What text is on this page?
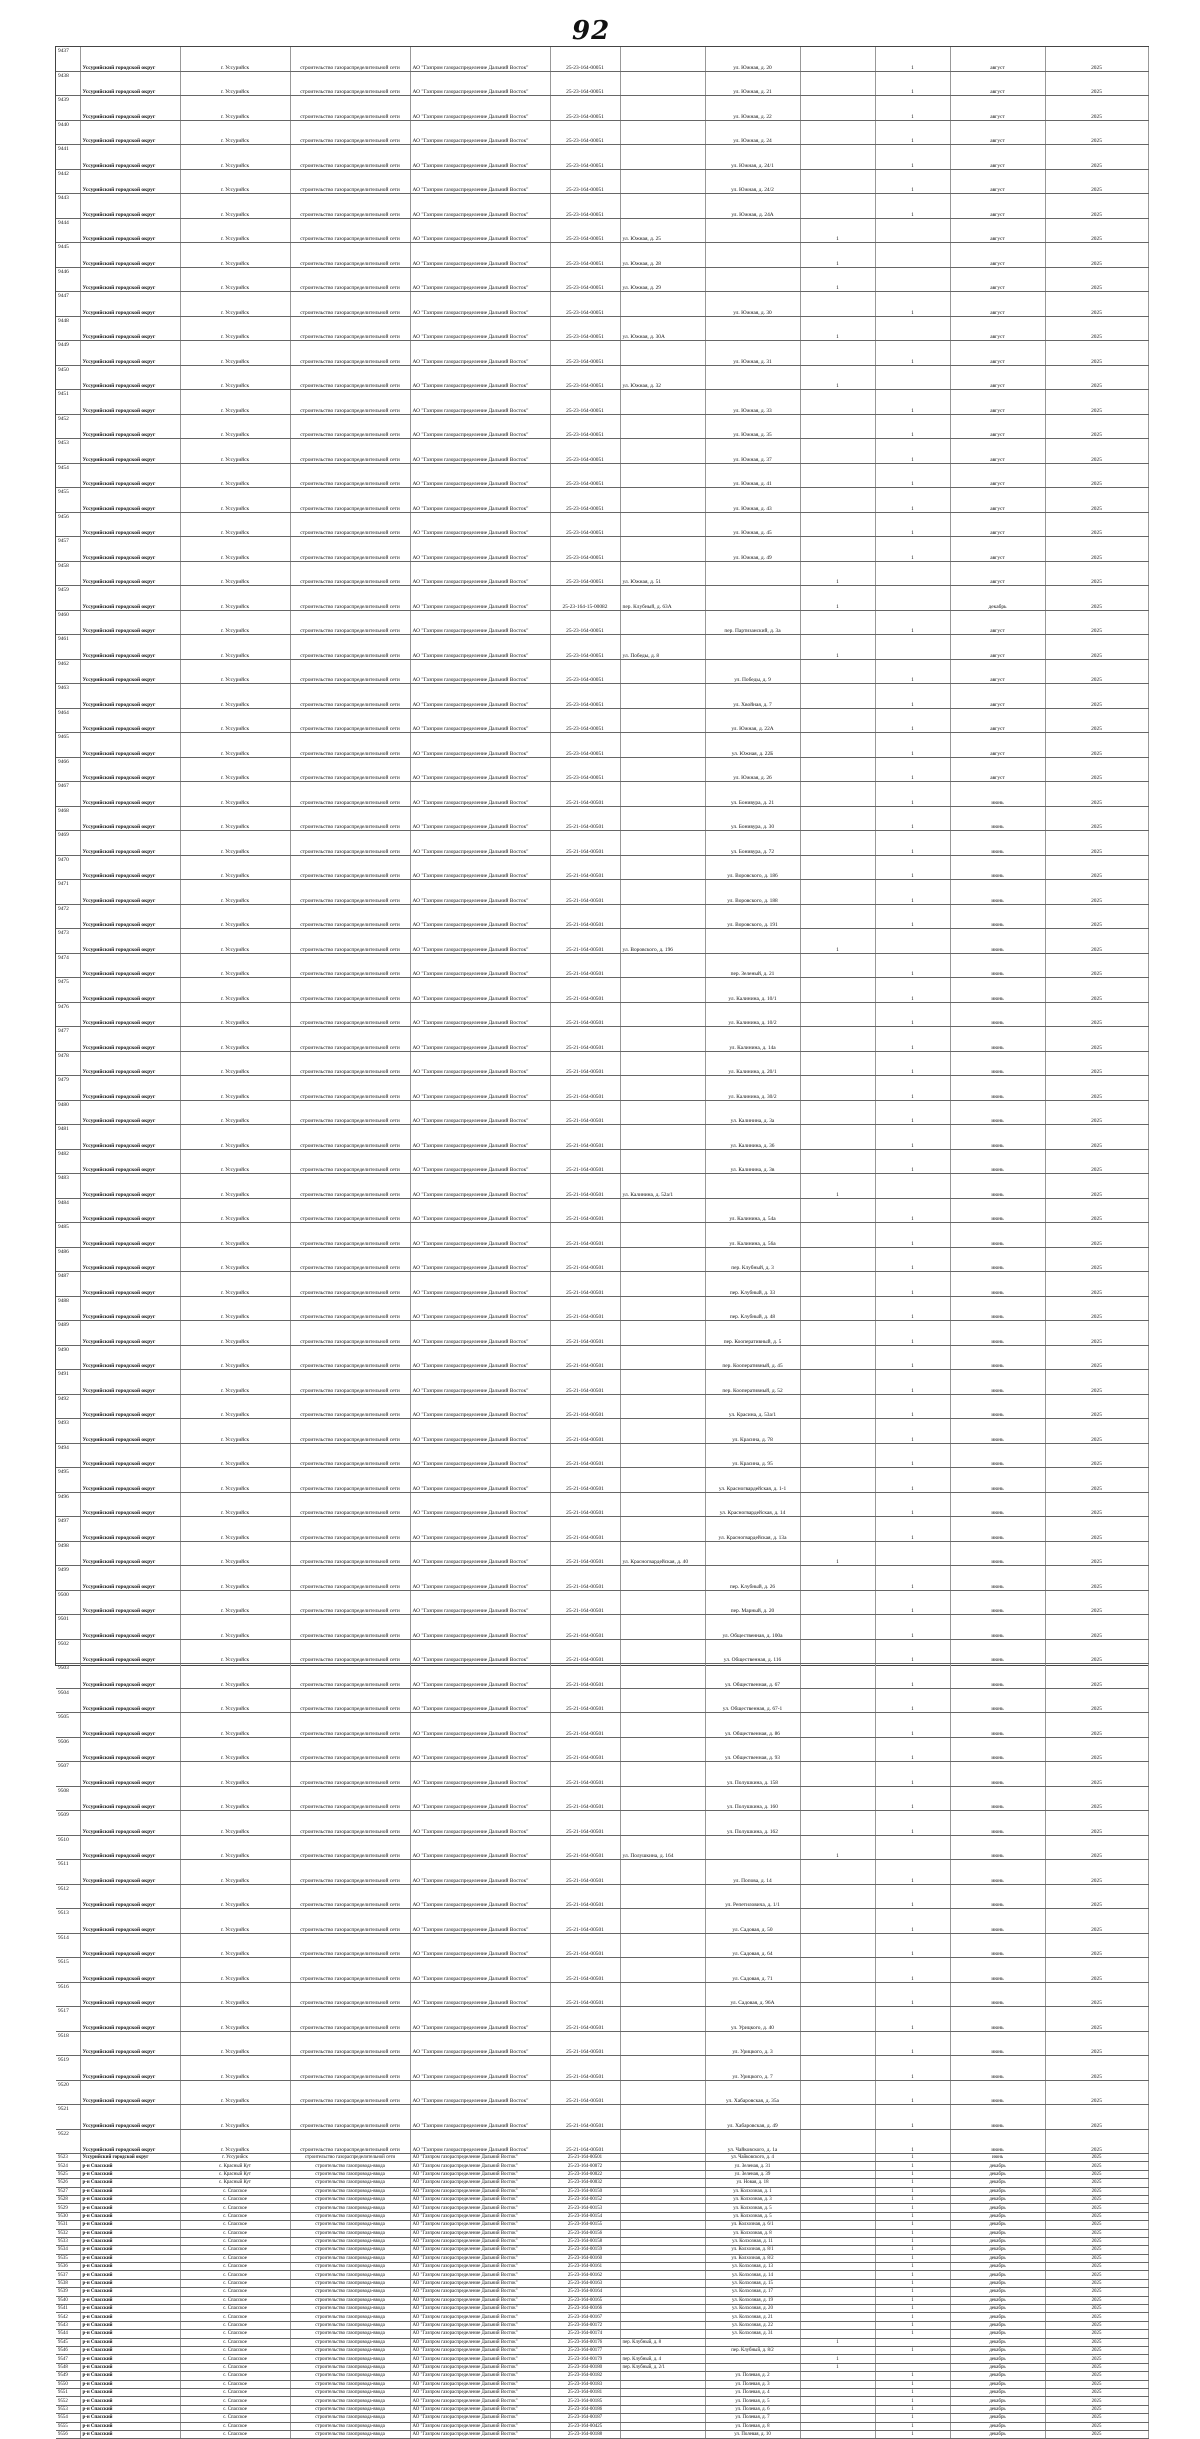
92
9437	Уссурийский городской округ	г. Уссурийск	строительство газораспределительной сети	АО "Газпром газораспределение Дальний Восток"	25-23-164-00051		ул. Южная, д. 20		1	август	2025
9438	Уссурийский городской округ	г. Уссурийск	строительство газораспределительной сети	АО "Газпром газораспределение Дальний Восток"	25-23-164-00051		ул. Южная, д. 21		1	август	2025
9439	Уссурийский городской округ	г. Уссурийск	строительство газораспределительной сети	АО "Газпром газораспределение Дальний Восток"	25-23-164-00051		ул. Южная, д. 22		1	август	2025
9440	Уссурийский городской округ	г. Уссурийск	строительство газораспределительной сети	АО "Газпром газораспределение Дальний Восток"	25-23-164-00051		ул. Южная, д. 24		1	август	2025
9441	Уссурийский городской округ	г. Уссурийск	строительство газораспределительной сети	АО "Газпром газораспределение Дальний Восток"	25-23-164-00051		ул. Южная, д. 24/1		1	август	2025
9442	Уссурийский городской округ	г. Уссурийск	строительство газораспределительной сети	АО "Газпром газораспределение Дальний Восток"	25-23-164-00051		ул. Южная, д. 24/2		1	август	2025
9443	Уссурийский городской округ	г. Уссурийск	строительство газораспределительной сети	АО "Газпром газораспределение Дальний Восток"	25-23-164-00051		ул. Южная, д. 24А		1	август	2025
9444	Уссурийский городской округ	г. Уссурийск	строительство газораспределительной сети	АО "Газпром газораспределение Дальний Восток"	25-23-164-00051	ул. Южная, д. 25		1		август	2025
9445	Уссурийский городской округ	г. Уссурийск	строительство газораспределительной сети	АО "Газпром газораспределение Дальний Восток"	25-23-164-00051	ул. Южная, д. 28		1		август	2025
9446	Уссурийский городской округ	г. Уссурийск	строительство газораспределительной сети	АО "Газпром газораспределение Дальний Восток"	25-23-164-00051	ул. Южная, д. 29		1		август	2025
9447	Уссурийский городской округ	г. Уссурийск	строительство газораспределительной сети	АО "Газпром газораспределение Дальний Восток"	25-23-164-00051		ул. Южная, д. 30		1	август	2025
9448	Уссурийский городской округ	г. Уссурийск	строительство газораспределительной сети	АО "Газпром газораспределение Дальний Восток"	25-23-164-00051	ул. Южная, д. 30А		1		август	2025
9449	Уссурийский городской округ	г. Уссурийск	строительство газораспределительной сети	АО "Газпром газораспределение Дальний Восток"	25-23-164-00051		ул. Южная, д. 31		1	август	2025
9450	Уссурийский городской округ	г. Уссурийск	строительство газораспределительной сети	АО "Газпром газораспределение Дальний Восток"	25-23-164-00051	ул. Южная, д. 32		1		август	2025
9451	Уссурийский городской округ	г. Уссурийск	строительство газораспределительной сети	АО "Газпром газораспределение Дальний Восток"	25-23-164-00051		ул. Южная, д. 33		1	август	2025
9452	Уссурийский городской округ	г. Уссурийск	строительство газораспределительной сети	АО "Газпром газораспределение Дальний Восток"	25-23-164-00051		ул. Южная, д. 35		1	август	2025
9453	Уссурийский городской округ	г. Уссурийск	строительство газораспределительной сети	АО "Газпром газораспределение Дальний Восток"	25-23-164-00051		ул. Южная, д. 37		1	август	2025
9454	Уссурийский городской округ	г. Уссурийск	строительство газораспределительной сети	АО "Газпром газораспределение Дальний Восток"	25-23-164-00051		ул. Южная, д. 41		1	август	2025
9455	Уссурийский городской округ	г. Уссурийск	строительство газораспределительной сети	АО "Газпром газораспределение Дальний Восток"	25-23-164-00051		ул. Южная, д. 43		1	август	2025
9456	Уссурийский городской округ	г. Уссурийск	строительство газораспределительной сети	АО "Газпром газораспределение Дальний Восток"	25-23-164-00051		ул. Южная, д. 45		1	август	2025
9457	Уссурийский городской округ	г. Уссурийск	строительство газораспределительной сети	АО "Газпром газораспределение Дальний Восток"	25-23-164-00051		ул. Южная, д. 49		1	август	2025
9458	Уссурийский городской округ	г. Уссурийск	строительство газораспределительной сети	АО "Газпром газораспределение Дальний Восток"	25-23-164-00051	ул. Южная, д. 51		1		август	2025
9459	Уссурийский городской округ	г. Уссурийск	строительство газораспределительной сети	АО "Газпром газораспределение Дальний Восток"	25-23-164-15-00082	пер. Клубный, д. 63А		1		декабрь	2025
9460	Уссурийский городской округ	г. Уссурийск	строительство газораспределительной сети	АО "Газпром газораспределение Дальний Восток"	25-23-164-00051		пер. Партизанский, д. 3а		1	август	2025
9461	Уссурийский городской округ	г. Уссурийск	строительство газораспределительной сети	АО "Газпром газораспределение Дальний Восток"	25-23-164-00051	ул. Победы, д. 8		1		август	2025
9462	Уссурийский городской округ	г. Уссурийск	строительство газораспределительной сети	АО "Газпром газораспределение Дальний Восток"	25-23-164-00051		ул. Победы, д. 9		1	август	2025
9463	Уссурийский городской округ	г. Уссурийск	строительство газораспределительной сети	АО "Газпром газораспределение Дальний Восток"	25-23-164-00051		ул. Хвойная, д. 7		1	август	2025
9464	Уссурийский городской округ	г. Уссурийск	строительство газораспределительной сети	АО "Газпром газораспределение Дальний Восток"	25-23-164-00051		ул. Южная, д. 22А		1	август	2025
9465	Уссурийский городской округ	г. Уссурийск	строительство газораспределительной сети	АО "Газпром газораспределение Дальний Восток"	25-23-164-00051		ул. Южная, д. 22Б		1	август	2025
9466	Уссурийский городской округ	г. Уссурийск	строительство газораспределительной сети	АО "Газпром газораспределение Дальний Восток"	25-23-164-00051		ул. Южная, д. 26		1	август	2025
9467	Уссурийский городской округ	г. Уссурийск	строительство газораспределительной сети	АО "Газпром газораспределение Дальний Восток"	25-21-164-00501		ул. Бонивура, д. 21		1	июнь	2025
9468	Уссурийский городской округ	г. Уссурийск	строительство газораспределительной сети	АО "Газпром газораспределение Дальний Восток"	25-21-164-00501		ул. Бонивура, д. 30		1	июнь	2025
9469	Уссурийский городской округ	г. Уссурийск	строительство газораспределительной сети	АО "Газпром газораспределение Дальний Восток"	25-21-164-00501		ул. Бонивура, д. 72		1	июнь	2025
9470	Уссурийский городской округ	г. Уссурийск	строительство газораспределительной сети	АО "Газпром газораспределение Дальний Восток"	25-21-164-00501		ул. Воровского, д. 186		1	июнь	2025
9471	Уссурийский городской округ	г. Уссурийск	строительство газораспределительной сети	АО "Газпром газораспределение Дальний Восток"	25-21-164-00501		ул. Воровского, д. 188		1	июнь	2025
9472	Уссурийский городской округ	г. Уссурийск	строительство газораспределительной сети	АО "Газпром газораспределение Дальний Восток"	25-21-164-00501		ул. Воровского, д. 191		1	июнь	2025
9473	Уссурийский городской округ	г. Уссурийск	строительство газораспределительной сети	АО "Газпром газораспределение Дальний Восток"	25-21-164-00501	ул. Воровского, д. 196		1		июнь	2025
9474	Уссурийский городской округ	г. Уссурийск	строительство газораспределительной сети	АО "Газпром газораспределение Дальний Восток"	25-21-164-00501		пер. Зеленый, д. 21		1	июнь	2025
9475	Уссурийский городской округ	г. Уссурийск	строительство газораспределительной сети	АО "Газпром газораспределение Дальний Восток"	25-21-164-00501		ул. Калинина, д. 10/1		1	июнь	2025
9476	Уссурийский городской округ	г. Уссурийск	строительство газораспределительной сети	АО "Газпром газораспределение Дальний Восток"	25-21-164-00501		ул. Калинина, д. 10/2		1	июнь	2025
9477	Уссурийский городской округ	г. Уссурийск	строительство газораспределительной сети	АО "Газпром газораспределение Дальний Восток"	25-21-164-00501		ул. Калинина, д. 14а		1	июнь	2025
9478	Уссурийский городской округ	г. Уссурийск	строительство газораспределительной сети	АО "Газпром газораспределение Дальний Восток"	25-21-164-00501		ул. Калинина, д. 20/1		1	июнь	2025
9479	Уссурийский городской округ	г. Уссурийск	строительство газораспределительной сети	АО "Газпром газораспределение Дальний Восток"	25-21-164-00501		ул. Калинина, д. 30/2		1	июнь	2025
9480	Уссурийский городской округ	г. Уссурийск	строительство газораспределительной сети	АО "Газпром газораспределение Дальний Восток"	25-21-164-00501		ул. Калинина, д. 3а		1	июнь	2025
9481	Уссурийский городской округ	г. Уссурийск	строительство газораспределительной сети	АО "Газпром газораспределение Дальний Восток"	25-21-164-00501		ул. Калинина, д. 36		1	июнь	2025
9482	Уссурийский городской округ	г. Уссурийск	строительство газораспределительной сети	АО "Газпром газораспределение Дальний Восток"	25-21-164-00501		ул. Калинина, д. 3в		1	июнь	2025
9483	Уссурийский городской округ	г. Уссурийск	строительство газораспределительной сети	АО "Газпром газораспределение Дальний Восток"	25-21-164-00501	ул. Калинина, д. 52а/1		1		июнь	2025
9484	Уссурийский городской округ	г. Уссурийск	строительство газораспределительной сети	АО "Газпром газораспределение Дальний Восток"	25-21-164-00501		ул. Калинина, д. 54а		1	июнь	2025
9485	Уссурийский городской округ	г. Уссурийск	строительство газораспределительной сети	АО "Газпром газораспределение Дальний Восток"	25-21-164-00501		ул. Калинина, д. 56а		1	июнь	2025
9486	Уссурийский городской округ	г. Уссурийск	строительство газораспределительной сети	АО "Газпром газораспределение Дальний Восток"	25-21-164-00501		пер. Клубный, д. 3		1	июнь	2025
9487	Уссурийский городской округ	г. Уссурийск	строительство газораспределительной сети	АО "Газпром газораспределение Дальний Восток"	25-21-164-00501		пер. Клубный, д. 33		1	июнь	2025
9488	Уссурийский городской округ	г. Уссурийск	строительство газораспределительной сети	АО "Газпром газораспределение Дальний Восток"	25-21-164-00501		пер. Клубный, д. 48		1	июнь	2025
9489	Уссурийский городской округ	г. Уссурийск	строительство газораспределительной сети	АО "Газпром газораспределение Дальний Восток"	25-21-164-00501		пер. Кооперативный, д. 5		1	июнь	2025
9490	Уссурийский городской округ	г. Уссурийск	строительство газораспределительной сети	АО "Газпром газораспределение Дальний Восток"	25-21-164-00501		пер. Кооперативный, д. 45		1	июнь	2025
9491	Уссурийский городской округ	г. Уссурийск	строительство газораспределительной сети	АО "Газпром газораспределение Дальний Восток"	25-21-164-00501		пер. Кооперативный, д. 52		1	июнь	2025
9492	Уссурийский городской округ	г. Уссурийск	строительство газораспределительной сети	АО "Газпром газораспределение Дальний Восток"	25-21-164-00501		ул. Красина, д. 53а/1		1	июнь	2025
9493	Уссурийский городской округ	г. Уссурийск	строительство газораспределительной сети	АО "Газпром газораспределение Дальний Восток"	25-21-164-00501		ул. Красина, д. 78		1	июнь	2025
9494	Уссурийский городской округ	г. Уссурийск	строительство газораспределительной сети	АО "Газпром газораспределение Дальний Восток"	25-21-164-00501		ул. Красина, д. 95		1	июнь	2025
9495	Уссурийский городской округ	г. Уссурийск	строительство газораспределительной сети	АО "Газпром газораспределение Дальний Восток"	25-21-164-00501		ул. Красногвардейская, д. 1-1		1	июнь	2025
9496	Уссурийский городской округ	г. Уссурийск	строительство газораспределительной сети	АО "Газпром газораспределение Дальний Восток"	25-21-164-00501		ул. Красногвардейская, д. 14		1	июнь	2025
9497	Уссурийский городской округ	г. Уссурийск	строительство газораспределительной сети	АО "Газпром газораспределение Дальний Восток"	25-21-164-00501		ул. Красногвардейская, д. 13а		1	июнь	2025
9498	Уссурийский городской округ	г. Уссурийск	строительство газораспределительной сети	АО "Газпром газораспределение Дальний Восток"	25-21-164-00501	ул. Красногвардейская, д. 40		1		июнь	2025
9499	Уссурийский городской округ	г. Уссурийск	строительство газораспределительной сети	АО "Газпром газораспределение Дальний Восток"	25-21-164-00501		пер. Клубный, д. 26		1	июнь	2025
9500	Уссурийский городской округ	г. Уссурийск	строительство газораспределительной сети	АО "Газпром газораспределение Дальний Восток"	25-21-164-00501		пер. Марный, д. 20		1	июнь	2025
9501	Уссурийский городской округ	г. Уссурийск	строительство газораспределительной сети	АО "Газпром газораспределение Дальний Восток"	25-21-164-00501		ул. Общественная, д. 100а		1	июнь	2025
9502	Уссурийский городской округ	г. Уссурийск	строительство газораспределительной сети	АО "Газпром газораспределение Дальний Восток"	25-21-164-00501		ул. Общественная, д. 116		1	июнь	2025
9503	Уссурийский городской округ	г. Уссурийск	строительство газораспределительной сети	АО "Газпром газораспределение Дальний Восток"	25-21-164-00501		ул. Общественная, д. 67		1	июнь	2025
9504	Уссурийский городской округ	г. Уссурийск	строительство газораспределительной сети	АО "Газпром газораспределение Дальний Восток"	25-21-164-00501		ул. Общественная, д. 67-1		1	июнь	2025
9505	Уссурийский городской округ	г. Уссурийск	строительство газораспределительной сети	АО "Газпром газораспределение Дальний Восток"	25-21-164-00501		ул. Общественная, д. 86		1	июнь	2025
9506	Уссурийский городской округ	г. Уссурийск	строительство газораспределительной сети	АО "Газпром газораспределение Дальний Восток"	25-21-164-00501		ул. Общественная, д. 93		1	июнь	2025
9507	Уссурийский городской округ	г. Уссурийск	строительство газораспределительной сети	АО "Газпром газораспределение Дальний Восток"	25-21-164-00501		ул. Полушкина, д. 158		1	июнь	2025
9508	Уссурийский городской округ	г. Уссурийск	строительство газораспределительной сети	АО "Газпром газораспределение Дальний Восток"	25-21-164-00501		ул. Полушкина, д. 160		1	июнь	2025
9509	Уссурийский городской округ	г. Уссурийск	строительство газораспределительной сети	АО "Газпром газораспределение Дальний Восток"	25-21-164-00501		ул. Полушкина, д. 162		1	июнь	2025
9510	Уссурийский городской округ	г. Уссурийск	строительство газораспределительной сети	АО "Газпром газораспределение Дальний Восток"	25-21-164-00501	ул. Полушкина, д. 164		1		июнь	2025
9511	Уссурийский городской округ	г. Уссурийск	строительство газораспределительной сети	АО "Газпром газораспределение Дальний Восток"	25-21-164-00501		ул. Попова, д. 14		1	июнь	2025
9512	Уссурийский городской округ	г. Уссурийск	строительство газораспределительной сети	АО "Газпром газораспределение Дальний Восток"	25-21-164-00501		ул. Репетиловича, д. 1/1		1	июнь	2025
9513	Уссурийский городской округ	г. Уссурийск	строительство газораспределительной сети	АО "Газпром газораспределение Дальний Восток"	25-21-164-00501		ул. Садовая, д. 50		1	июнь	2025
9514	Уссурийский городской округ	г. Уссурийск	строительство газораспределительной сети	АО "Газпром газораспределение Дальний Восток"	25-21-164-00501		ул. Садовая, д. 64		1	июнь	2025
9515	Уссурийский городской округ	г. Уссурийск	строительство газораспределительной сети	АО "Газпром газораспределение Дальний Восток"	25-21-164-00501		ул. Садовая, д. 71		1	июнь	2025
9516	Уссурийский городской округ	г. Уссурийск	строительство газораспределительной сети	АО "Газпром газораспределение Дальний Восток"	25-21-164-00501		ул. Садовая, д. 96А		1	июнь	2025
9517	Уссурийский городской округ	г. Уссурийск	строительство газораспределительной сети	АО "Газпром газораспределение Дальний Восток"	25-21-164-00501		ул. Урицкого, д. 40		1	июнь	2025
9518	Уссурийский городской округ	г. Уссурийск	строительство газораспределительной сети	АО "Газпром газораспределение Дальний Восток"	25-21-164-00501		ул. Урицкого, д. 3		1	июнь	2025
9519	Уссурийский городской округ	г. Уссурийск	строительство газораспределительной сети	АО "Газпром газораспределение Дальний Восток"	25-21-164-00501		ул. Урицкого, д. 7		1	июнь	2025
9520	Уссурийский городской округ	г. Уссурийск	строительство газораспределительной сети	АО "Газпром газораспределение Дальний Восток"	25-21-164-00501		ул. Хабаровская, д. 35а		1	июнь	2025
9521	Уссурийский городской округ	г. Уссурийск	строительство газораспределительной сети	АО "Газпром газораспределение Дальний Восток"	25-21-164-00501		ул. Хабаровская, д. 49		1	июнь	2025
9522	Уссурийский городской округ	г. Уссурийск	строительство газораспределительной сети	АО "Газпром газораспределение Дальний Восток"	25-21-164-00501		ул. Чайковского, д. 1а		1	июнь	2025
9523	Уссурийский городской округ	г. Уссурийск	строительство газораспределительной сети	АО "Газпром газораспределение Дальний Восток"	25-21-164-00501		ул. Чайковского, д. 4		1	июнь	2025
9524	р-н Спасский	с. Красный Кут	строительство газопровода-ввода	АО "Газпром газораспределение Дальний Восток"	25-23-164-00072		ул. Зеленая, д. 31		1	декабрь	2025
9525	р-н Спасский	с. Красный Кут	строительство газопровода-ввода	АО "Газпром газораспределение Дальний Восток"	25-23-164-00022		ул. Зеленая, д. 39		1	декабрь	2025
9526	р-н Спасский	с. Красный Кут	строительство газопровода-ввода	АО "Газпром газораспределение Дальний Восток"	25-23-164-00032		ул. Новая, д. 18		1	декабрь	2025
9527	р-н Спасский	с. Спасское	строительство газопровода-ввода	АО "Газпром газораспределение Дальний Восток"	25-23-164-00150		ул. Колхозная, д. 1		1	декабрь	2025
9528	р-н Спасский	с. Спасское	строительство газопровода-ввода	АО "Газпром газораспределение Дальний Восток"	25-23-164-00152		ул. Колхозная, д. 3		1	декабрь	2025
9529	р-н Спасский	с. Спасское	строительство газопровода-ввода	АО "Газпром газораспределение Дальний Восток"	25-23-164-00153		ул. Колхозная, д. 5		1	декабрь	2025
9530	р-н Спасский	с. Спасское	строительство газопровода-ввода	АО "Газпром газораспределение Дальний Восток"	25-23-164-00154		ул. Колхозная, д. 5		1	декабрь	2025
9531	р-н Спасский	с. Спасское	строительство газопровода-ввода	АО "Газпром газораспределение Дальний Восток"	25-23-164-00155		ул. Колхозная, д. 6/1		1	декабрь	2025
9532	р-н Спасский	с. Спасское	строительство газопровода-ввода	АО "Газпром газораспределение Дальний Восток"	25-23-164-00156		ул. Колхозная, д. 8		1	декабрь	2025
9533	р-н Спасский	с. Спасское	строительство газопровода-ввода	АО "Газпром газораспределение Дальний Восток"	25-23-164-00158		ул. Колхозная, д. 11		1	декабрь	2025
9534	р-н Спасский	с. Спасское	строительство газопровода-ввода	АО "Газпром газораспределение Дальний Восток"	25-23-164-00159		ул. Колхозная, д. 8/1		1	декабрь	2025
9535	р-н Спасский	с. Спасское	строительство газопровода-ввода	АО "Газпром газораспределение Дальний Восток"	25-23-164-00160		ул. Колхозная, д. 8/2		1	декабрь	2025
9536	р-н Спасский	с. Спасское	строительство газопровода-ввода	АО "Газпром газораспределение Дальний Восток"	25-23-164-00161		ул. Колхозная, д. 13		1	декабрь	2025
9537	р-н Спасский	с. Спасское	строительство газопровода-ввода	АО "Газпром газораспределение Дальний Восток"	25-23-164-00162		ул. Колхозная, д. 14		1	декабрь	2025
9538	р-н Спасский	с. Спасское	строительство газопровода-ввода	АО "Газпром газораспределение Дальний Восток"	25-23-164-00163		ул. Колхозная, д. 15		1	декабрь	2025
9539	р-н Спасский	с. Спасское	строительство газопровода-ввода	АО "Газпром газораспределение Дальний Восток"	25-23-164-00164		ул. Колхозная, д. 17		1	декабрь	2025
9540	р-н Спасский	с. Спасское	строительство газопровода-ввода	АО "Газпром газораспределение Дальний Восток"	25-23-164-00165		ул. Колхозная, д. 19		1	декабрь	2025
9541	р-н Спасский	с. Спасское	строительство газопровода-ввода	АО "Газпром газораспределение Дальний Восток"	25-23-164-00166		ул. Колхозная, д. 20		1	декабрь	2025
9542	р-н Спасский	с. Спасское	строительство газопровода-ввода	АО "Газпром газораспределение Дальний Восток"	25-23-164-00167		ул. Колхозная, д. 21		1	декабрь	2025
9543	р-н Спасский	с. Спасское	строительство газопровода-ввода	АО "Газпром газораспределение Дальний Восток"	25-23-164-00172		ул. Колхозная, д. 22		1	декабрь	2025
9544	р-н Спасский	с. Спасское	строительство газопровода-ввода	АО "Газпром газораспределение Дальний Восток"	25-23-164-00174		ул. Колхозная, д. 31		1	декабрь	2025
9545	р-н Спасский	с. Спасское	строительство газопровода-ввода	АО "Газпром газораспределение Дальний Восток"	25-23-164-00176	пер. Клубный, д. 8		1		декабрь	2025
9546	р-н Спасский	с. Спасское	строительство газопровода-ввода	АО "Газпром газораспределение Дальний Восток"	25-23-164-00177		пер. Клубный, д. 8/2		1	декабрь	2025
9547	р-н Спасский	с. Спасское	строительство газопровода-ввода	АО "Газпром газораспределение Дальний Восток"	25-23-164-00179	пер. Клубный, д. 4		1		декабрь	2025
9548	р-н Спасский	с. Спасское	строительство газопровода-ввода	АО "Газпром газораспределение Дальний Восток"	25-23-164-00180	пер. Клубный, д. 2/1		1		декабрь	2025
9549	р-н Спасский	с. Спасское	строительство газопровода-ввода	АО "Газпром газораспределение Дальний Восток"	25-23-164-00182		ул. Полевая, д. 2		1	декабрь	2025
9550	р-н Спасский	с. Спасское	строительство газопровода-ввода	АО "Газпром газораспределение Дальний Восток"	25-23-164-00183		ул. Полевая, д. 3		1	декабрь	2025
9551	р-н Спасский	с. Спасское	строительство газопровода-ввода	АО "Газпром газораспределение Дальний Восток"	25-23-164-00181		ул. Полевая, д. 4		1	декабрь	2025
9552	р-н Спасский	с. Спасское	строительство газопровода-ввода	АО "Газпром газораспределение Дальний Восток"	25-23-164-00185		ул. Полевая, д. 5		1	декабрь	2025
9553	р-н Спасский	с. Спасское	строительство газопровода-ввода	АО "Газпром газораспределение Дальний Восток"	25-23-164-00186		ул. Полевая, д. 6		1	декабрь	2025
9554	р-н Спасский	с. Спасское	строительство газопровода-ввода	АО "Газпром газораспределение Дальний Восток"	25-23-164-00187		ул. Полевая, д. 7		1	декабрь	2025
9555	р-н Спасский	с. Спасское	строительство газопровода-ввода	АО "Газпром газораспределение Дальний Восток"	25-23-164-00425		ул. Полевая, д. 8		1	декабрь	2025
9556	р-н Спасский	с. Спасское	строительство газопровода-ввода	АО "Газпром газораспределение Дальний Восток"	25-23-164-00188		ул. Полевая, д. 10		1	декабрь	2025
